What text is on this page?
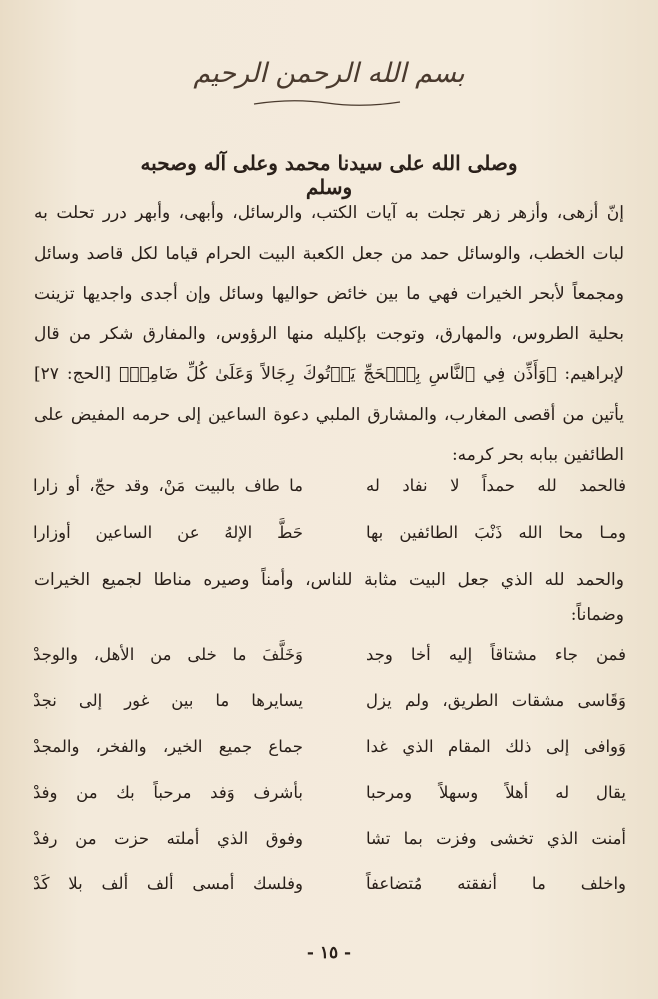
بسم الله الرحمن الرحيم
وصلى الله على سيدنا محمد وعلى آله وصحبه وسلم
إنّ أزهى، وأزهر زهر تجلت به آيات الكتب، والرسائل، وأبهى، وأبهر درر تحلت به
لبات الخطب، والوسائل حمد من جعل الكعبة البيت الحرام قياما لكل قاصد وسائل
ومجمعاً لأبحر الخيرات فهي ما بين خائض حواليها وسائل وإن أجدى واجديها تزينت
بحلية الطروس، والمهارق، وتوجت بإكليله منها الرؤوس، والمفارق شكر من قال
لإبراهيم: ﴿وَأَذِّن فِي ٱلنَّاسِ بِٱلۡحَجِّ يَأۡتُوكَ رِجَالاً وَعَلَىٰ كُلِّ ضَامِرٖ﴾ [الحج: ٢٧]
يأتين من أقصى المغارب، والمشارق الملبي دعوة الساعين إلى حرمه المفيض على
الطائفين ببابه بحر كرمه:
فالحمد لله حمداً لا نفاد له
ما طاف بالبيت مَنْ، وقد حجّ، أو زارا
ومـا محا الله ذَنْبَ الطائفين بها
حَطَّ الإلهُ عن الساعين أوزارا
والحمد لله الذي جعل البيت مثابة للناس، وأمناً وصيره مناطا لجميع الخيرات
وضماناً:
فمن جاء مشتاقاً إليه أخا وجد
وَخَلَّفَ ما خلى من الأهل، والوجدْ
وَقَاسى مشقات الطريق، ولم يزل
يسايرها ما بين غور إلى نجدْ
وَوافى إلى ذلك المقام الذي غدا
جماع جميع الخير، والفخر، والمجدْ
يقال له أهلاً وسهلاً ومرحبا
بأشرف وَفد مرحباً بك من وفدْ
أمنت الذي تخشى وفزت بما تشا
وفوق الذي أملته حزت من رفدْ
واخلف ما أنفقته مُتضاعفاً
وفلسك أمسى ألف ألف بلا كَدْ
- ١٥ -
